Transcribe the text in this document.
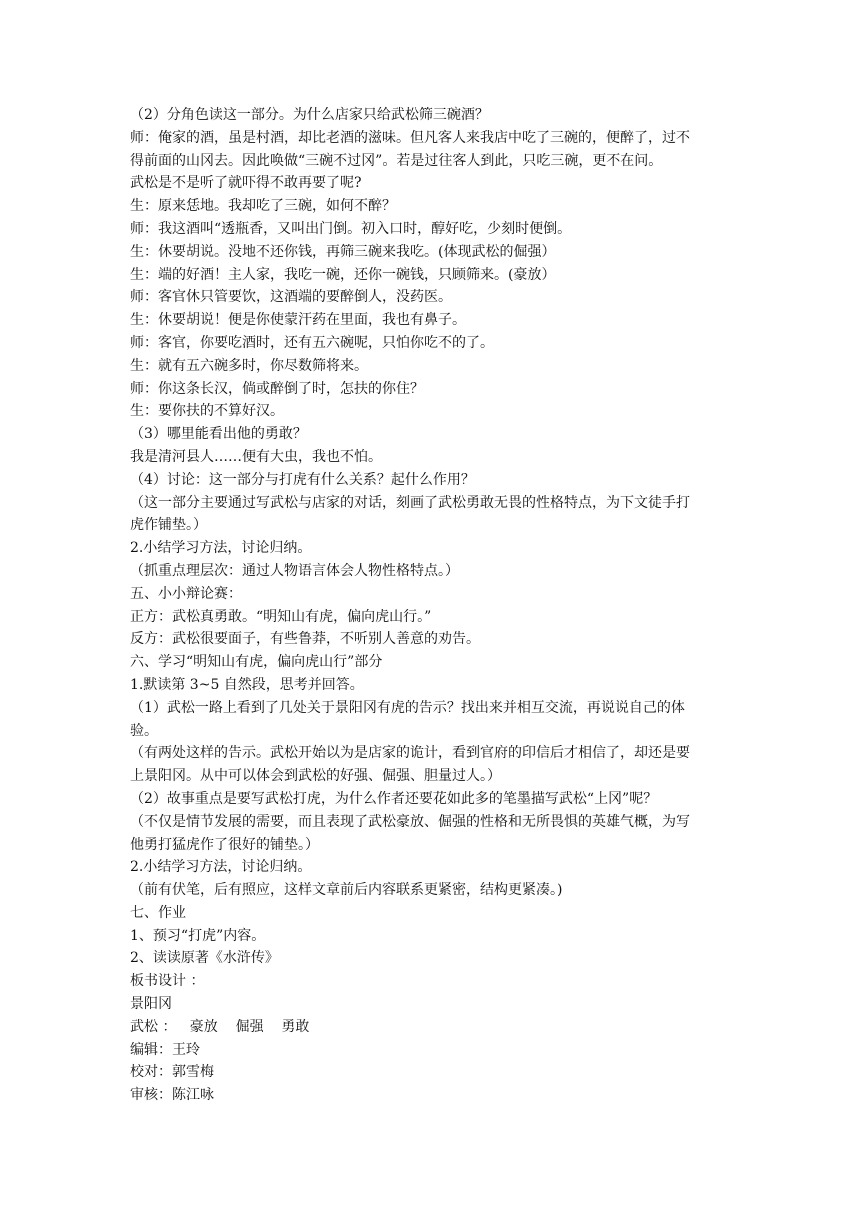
（2）分角色读这一部分。为什么店家只给武松筛三碗酒？

师：俺家的酒，虽是村酒，却比老酒的滋味。但凡客人来我店中吃了三碗的，便醉了，过不

得前面的山冈去。因此唤做“三碗不过冈”。若是过往客人到此，只吃三碗，更不在问。

武松是不是听了就吓得不敢再要了呢?

生：原来恁地。我却吃了三碗，如何不醉？

师：我这酒叫“透瓶香，又叫出门倒。初入口时，醇好吃，少刻时便倒。

生：休要胡说。没地不还你钱，再筛三碗来我吃。(体现武松的倔强）

生：端的好酒！主人家，我吃一碗，还你一碗钱，只顾筛来。(豪放）

师：客官休只管要饮，这酒端的要醉倒人，没药医。

生：休要胡说！便是你使蒙汗药在里面，我也有鼻子。

师：客官，你要吃酒时，还有五六碗呢，只怕你吃不的了。

生：就有五六碗多时，你尽数筛将来。

师：你这条长汉，倘或醉倒了时，怎扶的你住？

生：要你扶的不算好汉。

（3）哪里能看出他的勇敢？

我是清河县人……便有大虫，我也不怕。

（4）讨论：这一部分与打虎有什么关系？起什么作用？

（这一部分主要通过写武松与店家的对话，刻画了武松勇敢无畏的性格特点，为下文徒手打

虎作铺垫。）

2.小结学习方法，讨论归纳。

（抓重点理层次：通过人物语言体会人物性格特点。）

五、小小辩论赛：

正方：武松真勇敢。“明知山有虎，偏向虎山行。”

反方：武松很要面子，有些鲁莽，不听别人善意的劝告。

六、学习“明知山有虎，偏向虎山行”部分

1.默读第 3~5 自然段，思考并回答。

（1）武松一路上看到了几处关于景阳冈有虎的告示？找出来并相互交流，再说说自己的体

验。

（有两处这样的告示。武松开始以为是店家的诡计，看到官府的印信后才相信了，却还是要

上景阳冈。从中可以体会到武松的好强、倔强、胆量过人。）

（2）故事重点是要写武松打虎，为什么作者还要花如此多的笔墨描写武松“上冈”呢？

（不仅是情节发展的需要，而且表现了武松豪放、倔强的性格和无所畏惧的英雄气概，为写

他勇打猛虎作了很好的铺垫。）

2.小结学习方法，讨论归纳。

（前有伏笔，后有照应，这样文章前后内容联系更紧密，结构更紧凑。)

七、作业

1、预习“打虎”内容。

2、读读原著《水浒传》

板书设计 ：

景阳冈

武松 ：   豪放    倔强    勇敢

编辑：王玲

校对：郭雪梅

审核：陈江咏
